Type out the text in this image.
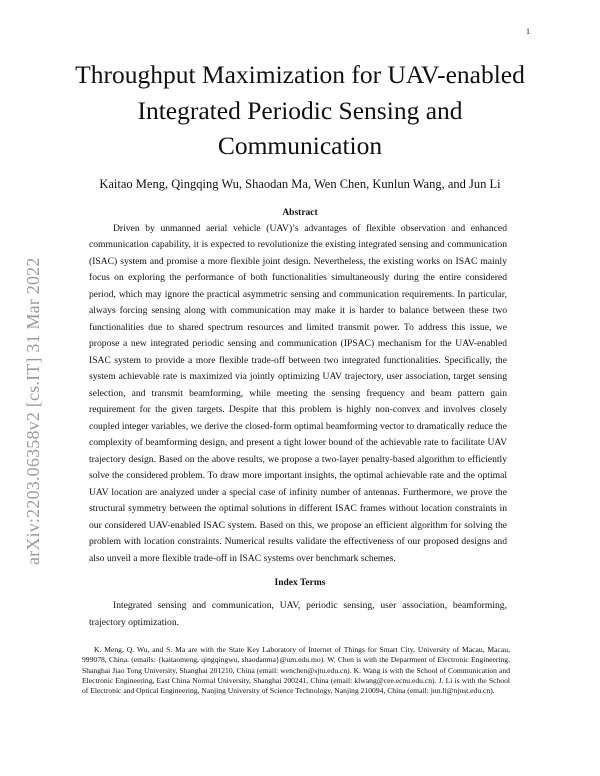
1
arXiv:2203.06358v2 [cs.IT] 31 Mar 2022
Throughput Maximization for UAV-enabled
Integrated Periodic Sensing and
Communication
Kaitao Meng, Qingqing Wu, Shaodan Ma, Wen Chen, Kunlun Wang, and Jun Li
Abstract

Driven by unmanned aerial vehicle (UAV)’s advantages of flexible observation and enhanced communication capability, it is expected to revolutionize the existing integrated sensing and communication (ISAC) system and promise a more flexible joint design. Nevertheless, the existing works on ISAC mainly focus on exploring the performance of both functionalities simultaneously during the entire considered period, which may ignore the practical asymmetric sensing and communication requirements. In particular, always forcing sensing along with communication may make it is harder to balance between these two functionalities due to shared spectrum resources and limited transmit power. To address this issue, we propose a new integrated periodic sensing and communication (IPSAC) mechanism for the UAV-enabled ISAC system to provide a more flexible trade-off between two integrated functionalities. Specifically, the system achievable rate is maximized via jointly optimizing UAV trajectory, user association, target sensing selection, and transmit beamforming, while meeting the sensing frequency and beam pattern gain requirement for the given targets. Despite that this problem is highly non-convex and involves closely coupled integer variables, we derive the closed-form optimal beamforming vector to dramatically reduce the complexity of beamforming design, and present a tight lower bound of the achievable rate to facilitate UAV trajectory design. Based on the above results, we propose a two-layer penalty-based algorithm to efficiently solve the considered problem. To draw more important insights, the optimal achievable rate and the optimal UAV location are analyzed under a special case of infinity number of antennas. Furthermore, we prove the structural symmetry between the optimal solutions in different ISAC frames without location constraints in our considered UAV-enabled ISAC system. Based on this, we propose an efficient algorithm for solving the problem with location constraints. Numerical results validate the effectiveness of our proposed designs and also unveil a more flexible trade-off in ISAC systems over benchmark schemes.

Index Terms

Integrated sensing and communication, UAV, periodic sensing, user association, beamforming, trajectory optimization.

K. Meng, Q. Wu, and S. Ma are with the State Key Laboratory of Internet of Things for Smart City, University of Macau, Macau, 999078, China. (emails: {kaitaomeng, qingqingwu, shaodanma}@um.edu.mo). W. Chen is with the Department of Electronic Engineering, Shanghai Jiao Tong University, Shanghai 201210, China (email: wenchen@sjtu.edu.cn). K. Wang is with the School of Communication and Electronic Engineering, East China Normal University, Shanghai 200241, China (email: klwang@cee.ecnu.edu.cn). J. Li is with the School of Electronic and Optical Engineering, Nanjing University of Science Technology, Nanjing 210094, China (email: jun.li@njust.edu.cn).
